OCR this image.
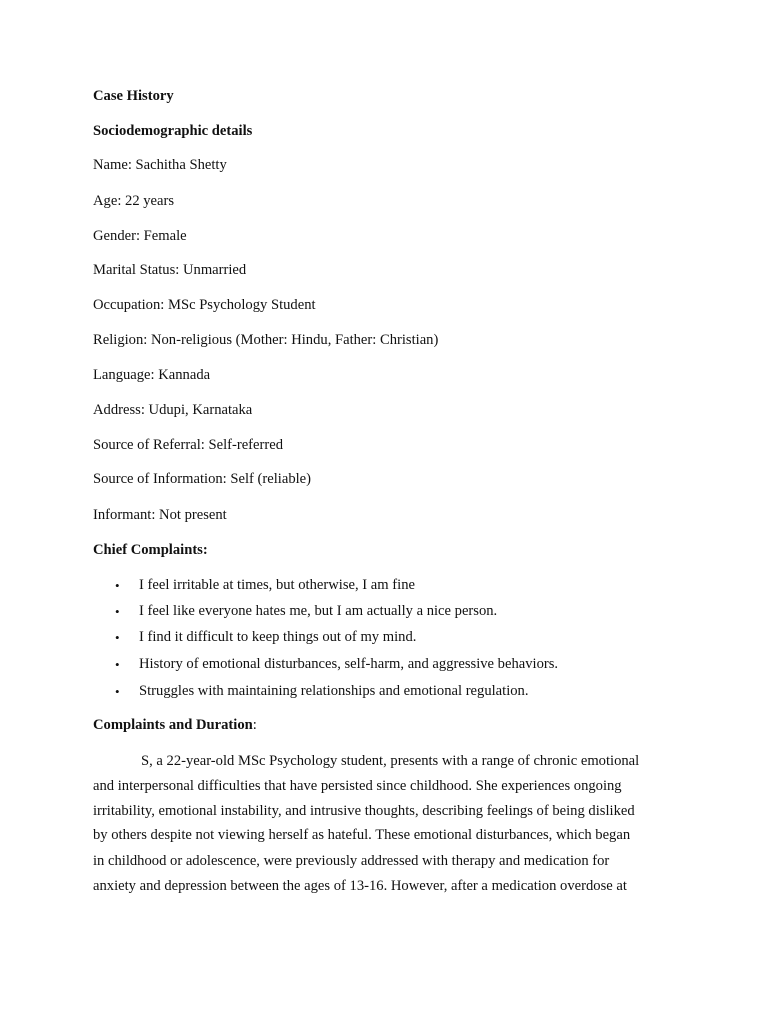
Case History
Sociodemographic details
Name: Sachitha Shetty
Age: 22 years
Gender: Female
Marital Status: Unmarried
Occupation: MSc Psychology Student
Religion: Non-religious (Mother: Hindu, Father: Christian)
Language: Kannada
Address: Udupi, Karnataka
Source of Referral: Self-referred
Source of Information: Self (reliable)
Informant: Not present
Chief Complaints:
• I feel irritable at times, but otherwise, I am fine
• I feel like everyone hates me, but I am actually a nice person.
• I find it difficult to keep things out of my mind.
• History of emotional disturbances, self-harm, and aggressive behaviors.
• Struggles with maintaining relationships and emotional regulation.
Complaints and Duration:
S, a 22-year-old MSc Psychology student, presents with a range of chronic emotional
and interpersonal difficulties that have persisted since childhood. She experiences ongoing
irritability, emotional instability, and intrusive thoughts, describing feelings of being disliked
by others despite not viewing herself as hateful. These emotional disturbances, which began
in childhood or adolescence, were previously addressed with therapy and medication for
anxiety and depression between the ages of 13-16. However, after a medication overdose at
